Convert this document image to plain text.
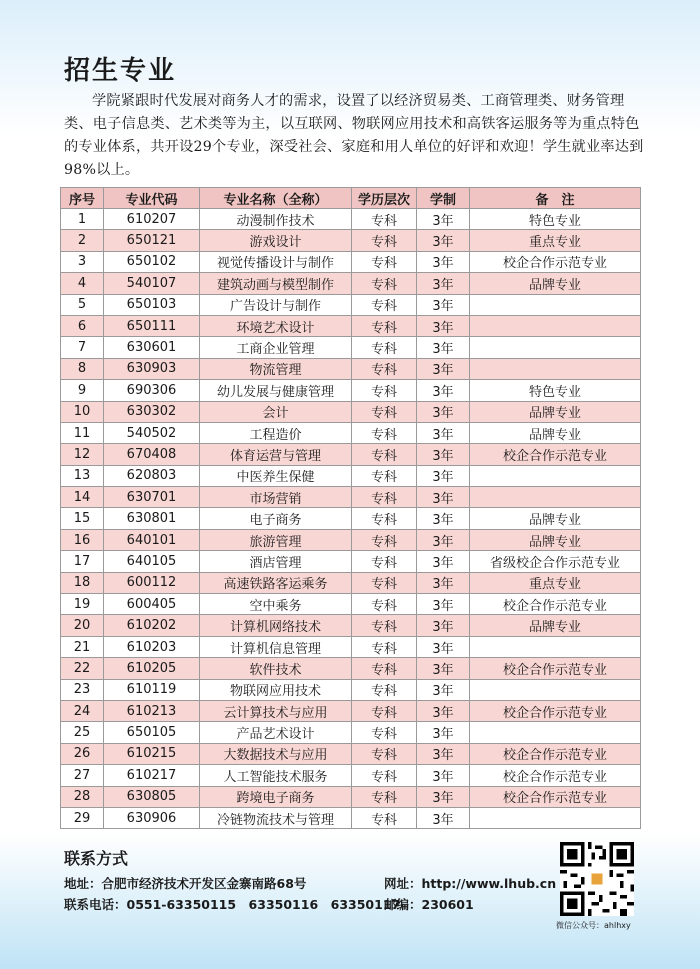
招生专业
学院紧跟时代发展对商务人才的需求，设置了以经济贸易类、工商管理类、财务管理类、电子信息类、艺术类等为主，以互联网、物联网应用技术和高铁客运服务等为重点特色的专业体系，共开设29个专业，深受社会、家庭和用人单位的好评和欢迎！学生就业率达到98%以上。
序号	专业代码	专业名称（全称）	学历层次	学制	备　注
1	610207	动漫制作技术	专科	3年	特色专业
2	650121	游戏设计	专科	3年	重点专业
3	650102	视觉传播设计与制作	专科	3年	校企合作示范专业
4	540107	建筑动画与模型制作	专科	3年	品牌专业
5	650103	广告设计与制作	专科	3年	
6	650111	环境艺术设计	专科	3年	
7	630601	工商企业管理	专科	3年	
8	630903	物流管理	专科	3年	
9	690306	幼儿发展与健康管理	专科	3年	特色专业
10	630302	会计	专科	3年	品牌专业
11	540502	工程造价	专科	3年	品牌专业
12	670408	体育运营与管理	专科	3年	校企合作示范专业
13	620803	中医养生保健	专科	3年	
14	630701	市场营销	专科	3年	
15	630801	电子商务	专科	3年	品牌专业
16	640101	旅游管理	专科	3年	品牌专业
17	640105	酒店管理	专科	3年	省级校企合作示范专业
18	600112	高速铁路客运乘务	专科	3年	重点专业
19	600405	空中乘务	专科	3年	校企合作示范专业
20	610202	计算机网络技术	专科	3年	品牌专业
21	610203	计算机信息管理	专科	3年	
22	610205	软件技术	专科	3年	校企合作示范专业
23	610119	物联网应用技术	专科	3年	
24	610213	云计算技术与应用	专科	3年	校企合作示范专业
25	650105	产品艺术设计	专科	3年	
26	610215	大数据技术与应用	专科	3年	校企合作示范专业
27	610217	人工智能技术服务	专科	3年	校企合作示范专业
28	630805	跨境电子商务	专科	3年	校企合作示范专业
29	630906	冷链物流技术与管理	专科	3年	
联系方式
地址：合肥市经济技术开发区金寨南路68号
联系电话：0551-63350115　63350116　63350117
网址：http://www.lhub.cn
邮编：230601
微信公众号：ahlhxy
